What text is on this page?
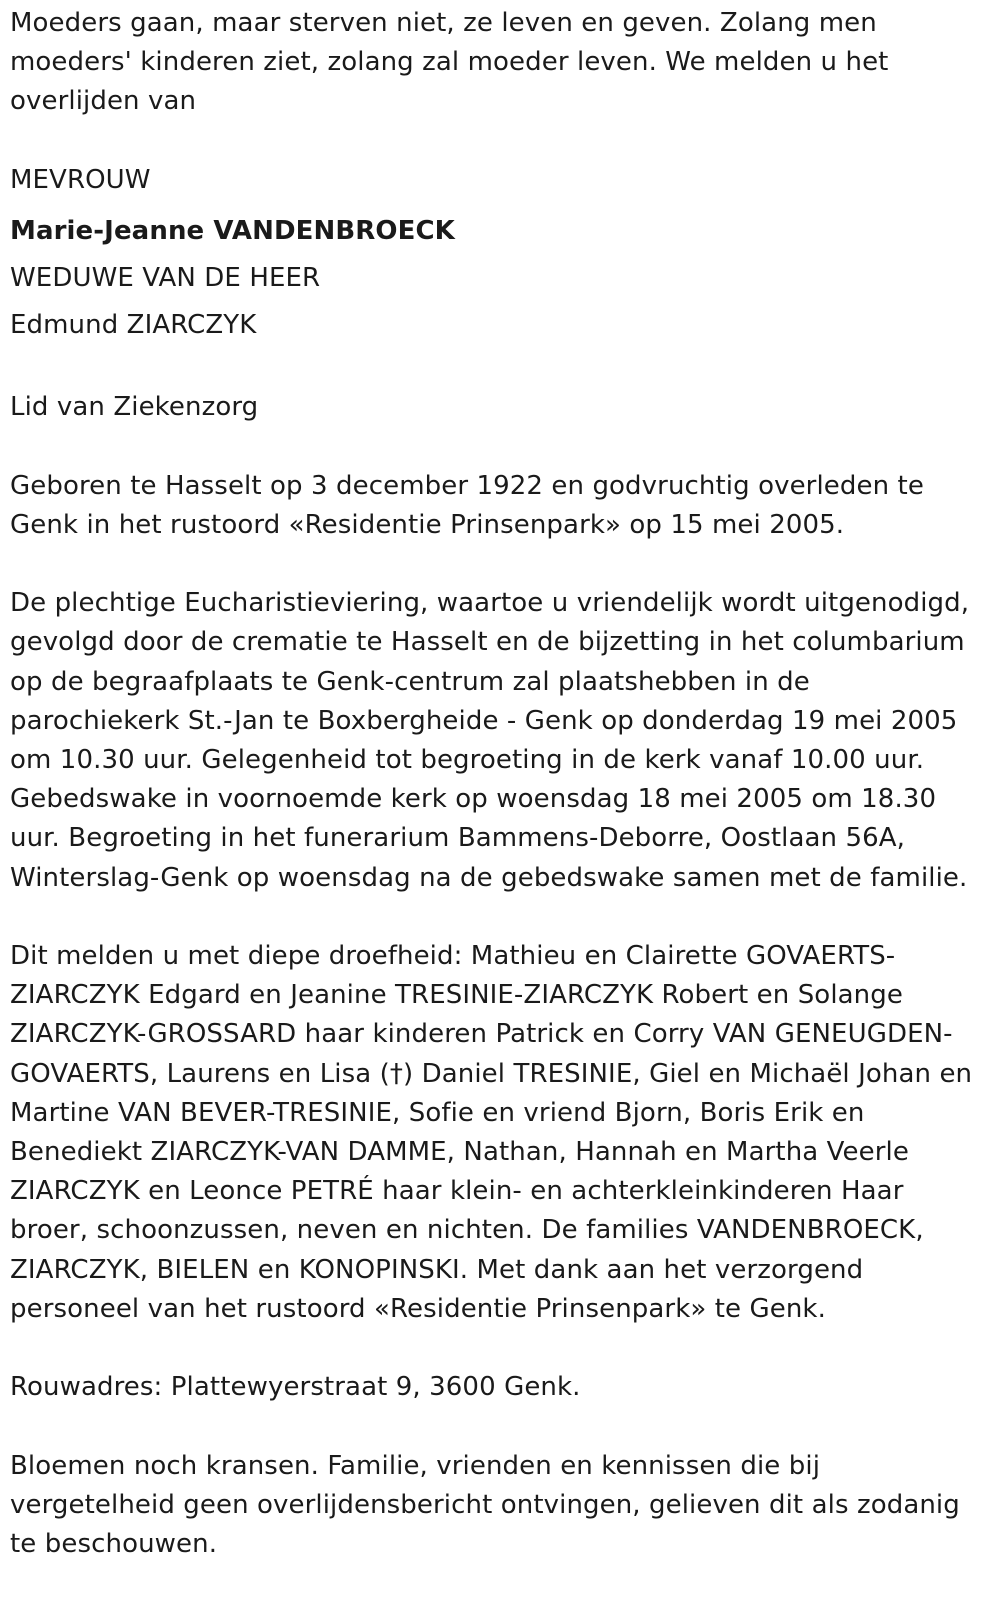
Moeders gaan, maar sterven niet, ze leven en geven. Zolang men
moeders' kinderen ziet, zolang zal moeder leven. We melden u het
overlijden van
MEVROUW
Marie-Jeanne VANDENBROECK
WEDUWE VAN DE HEER
Edmund ZIARCZYK
Lid van Ziekenzorg
Geboren te Hasselt op 3 december 1922 en godvruchtig overleden te
Genk in het rustoord «Residentie Prinsenpark» op 15 mei 2005.
De plechtige Eucharistieviering, waartoe u vriendelijk wordt uitgenodigd,
gevolgd door de crematie te Hasselt en de bijzetting in het columbarium
op de begraafplaats te Genk-centrum zal plaatshebben in de
parochiekerk St.-Jan te Boxbergheide - Genk op donderdag 19 mei 2005
om 10.30 uur. Gelegenheid tot begroeting in de kerk vanaf 10.00 uur.
Gebedswake in voornoemde kerk op woensdag 18 mei 2005 om 18.30
uur. Begroeting in het funerarium Bammens-Deborre, Oostlaan 56A,
Winterslag-Genk op woensdag na de gebedswake samen met de familie.
Dit melden u met diepe droefheid: Mathieu en Clairette GOVAERTS-
ZIARCZYK Edgard en Jeanine TRESINIE-ZIARCZYK Robert en Solange
ZIARCZYK-GROSSARD haar kinderen Patrick en Corry VAN GENEUGDEN-
GOVAERTS, Laurens en Lisa (†) Daniel TRESINIE, Giel en Michaël Johan en
Martine VAN BEVER-TRESINIE, Sofie en vriend Bjorn, Boris Erik en
Benediekt ZIARCZYK-VAN DAMME, Nathan, Hannah en Martha Veerle
ZIARCZYK en Leonce PETRÉ haar klein- en achterkleinkinderen Haar
broer, schoonzussen, neven en nichten. De families VANDENBROECK,
ZIARCZYK, BIELEN en KONOPINSKI. Met dank aan het verzorgend
personeel van het rustoord «Residentie Prinsenpark» te Genk.
Rouwadres: Plattewyerstraat 9, 3600 Genk.
Bloemen noch kransen. Familie, vrienden en kennissen die bij
vergetelheid geen overlijdensbericht ontvingen, gelieven dit als zodanig
te beschouwen.
